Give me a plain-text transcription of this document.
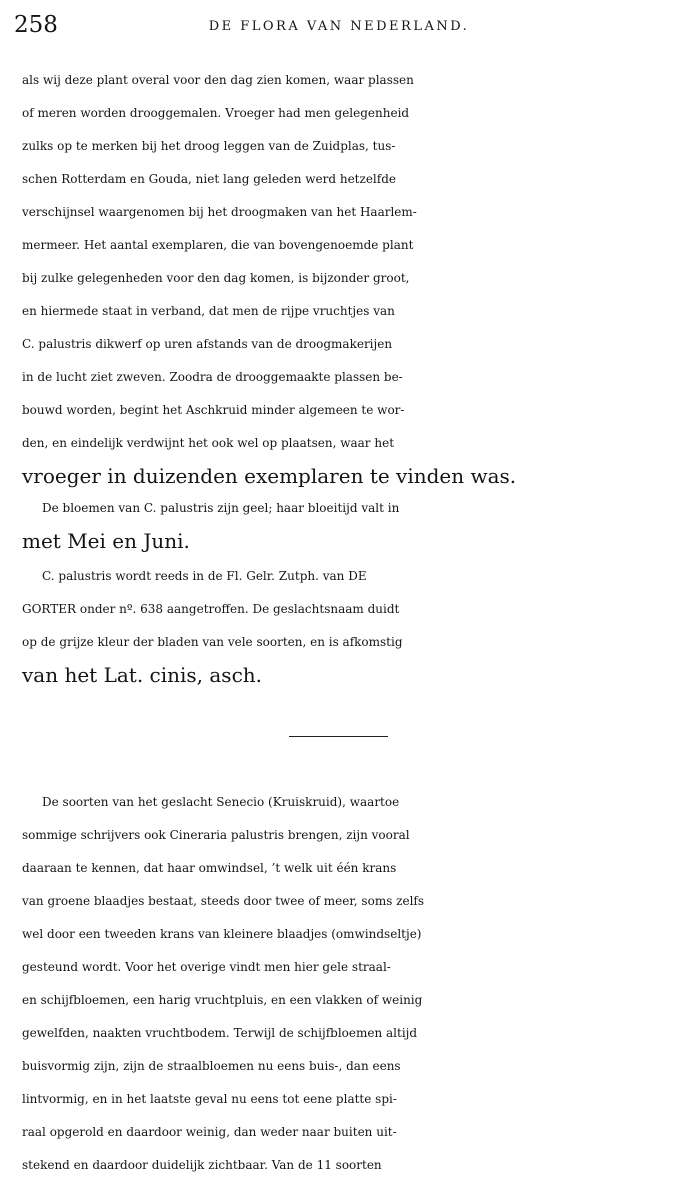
258	DE FLORA VAN NEDERLAND.
als wij deze plant overal voor den dag zien komen, waar plassen
of meren worden drooggemalen. Vroeger had men gelegenheid
zulks op te merken bij het droog leggen van de Zuidplas, tus-
schen Rotterdam en Gouda, niet lang geleden werd hetzelfde
verschijnsel waargenomen bij het droogmaken van het Haarlem-
mermeer. Het aantal exemplaren, die van bovengenoemde plant
bij zulke gelegenheden voor den dag komen, is bijzonder groot,
en hiermede staat in verband, dat men de rijpe vruchtjes van
C. palustris dikwerf op uren afstands van de droogmakerijen
in de lucht ziet zweven. Zoodra de drooggemaakte plassen be-
bouwd worden, begint het Aschkruid minder algemeen te wor-
den, en eindelijk verdwijnt het ook wel op plaatsen, waar het
vroeger in duizenden exemplaren te vinden was.
De bloemen van C. palustris zijn geel; haar bloeitijd valt in
met Mei en Juni.
C. palustris wordt reeds in de Fl. Gelr. Zutph. van DE
GORTER onder nº. 638 aangetroffen. De geslachtsnaam duidt
op de grijze kleur der bladen van vele soorten, en is afkomstig
van het Lat. cinis, asch.
De soorten van het geslacht Senecio (Kruiskruid), waartoe
sommige schrijvers ook Cineraria palustris brengen, zijn vooral
daaraan te kennen, dat haar omwindsel, ’t welk uit één krans
van groene blaadjes bestaat, steeds door twee of meer, soms zelfs
wel door een tweeden krans van kleinere blaadjes (omwindseltje)
gesteund wordt. Voor het overige vindt men hier gele straal-
en schijfbloemen, een harig vruchtpluis, en een vlakken of weinig
gewelfden, naakten vruchtbodem. Terwijl de schijfbloemen altijd
buisvormig zijn, zijn de straalbloemen nu eens buis-, dan eens
lintvormig, en in het laatste geval nu eens tot eene platte spi-
raal opgerold en daardoor weinig, dan weder naar buiten uit-
stekend en daardoor duidelijk zichtbaar. Van de 11 soorten
